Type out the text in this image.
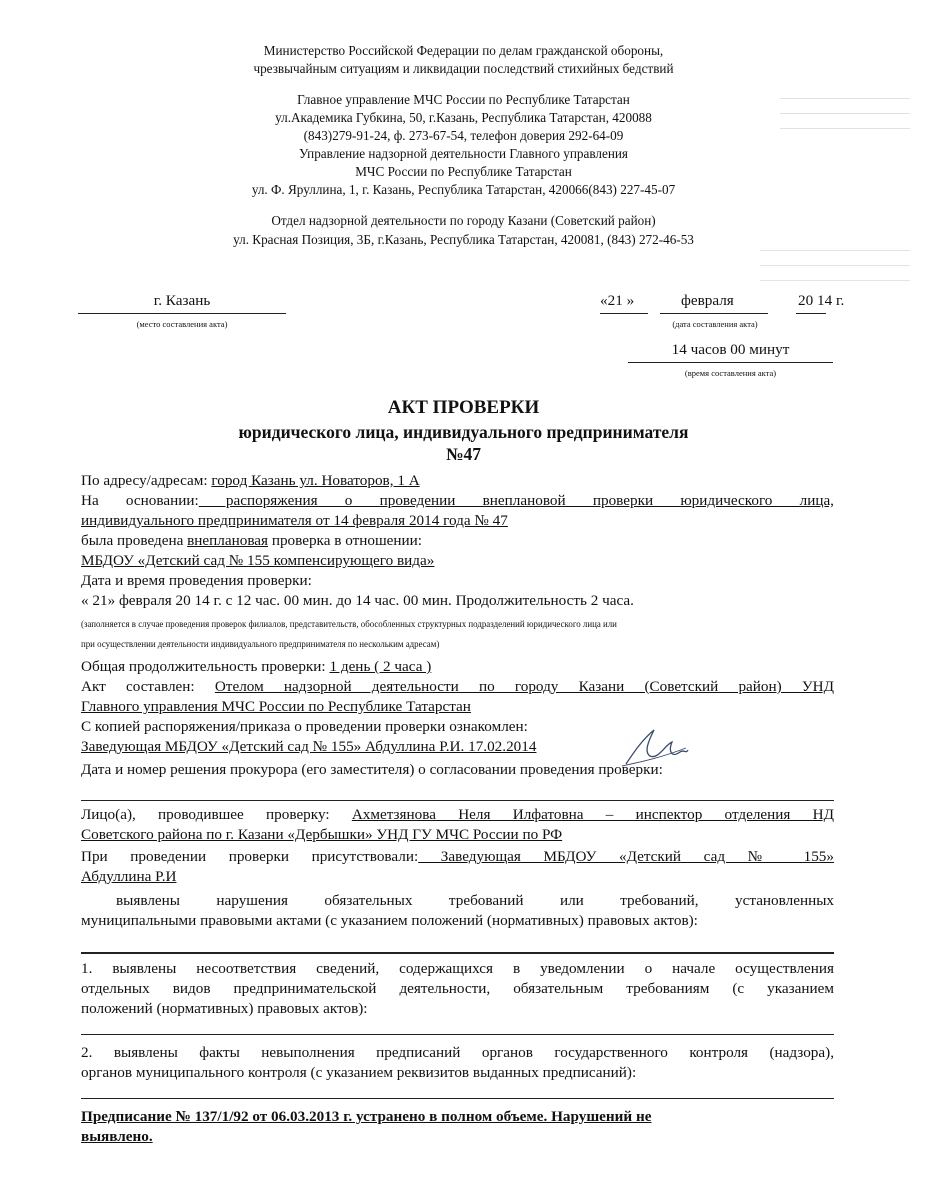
Министерство Российской Федерации по делам гражданской обороны,
чрезвычайным ситуациям и ликвидации последствий стихийных бедствий
Главное управление МЧС России по Республике Татарстан
ул.Академика Губкина, 50, г.Казань, Республика Татарстан, 420088
(843)279-91-24, ф. 273-67-54, телефон доверия 292-64-09
Управление надзорной деятельности Главного управления
МЧС России по Республике Татарстан
ул. Ф. Яруллина, 1, г. Казань, Республика Татарстан, 420066(843) 227-45-07
Отдел надзорной деятельности по городу Казани (Советский район)
ул. Красная Позиция, 3Б, г.Казань, Республика Татарстан, 420081, (843) 272-46-53
г. Казань
(место составления акта)
«21 »	февраля	20 14 г.
(дата составления акта)
14 часов 00 минут
(время составления акта)
АКТ ПРОВЕРКИ
юридического лица, индивидуального предпринимателя
№47
По адресу/адресам: город Казань ул. Новаторов, 1 А
На основании: распоряжения о проведении внеплановой проверки юридического лица,
индивидуального предпринимателя от 14 февраля 2014 года № 47
была проведена внеплановая проверка в отношении:
МБДОУ «Детский сад № 155 компенсирующего вида»
Дата и время проведения проверки:
« 21» февраля 20 14 г. с 12 час. 00 мин. до 14 час. 00 мин. Продолжительность 2 часа.
(заполняется в случае проведения проверок филиалов, представительств, обособленных структурных подразделений юридического лица или
при осуществлении деятельности индивидуального предпринимателя по нескольким адресам)
Общая продолжительность проверки: 1 день ( 2 часа )
Акт составлен: Отелом надзорной деятельности по городу Казани (Советский район) УНД
Главного управления МЧС России по Республике Татарстан
С копией распоряжения/приказа о проведении проверки ознакомлен:
Заведующая МБДОУ «Детский сад № 155» Абдуллина Р.И. 17.02.2014
Дата и номер решения прокурора (его заместителя) о согласовании проведения проверки:
Лицо(а), проводившее проверку: Ахметзянова Неля Илфатовна – инспектор отделения НД
Советского района по г. Казани «Дербышки» УНД ГУ МЧС России по РФ
При проведении проверки присутствовали: Заведующая МБДОУ «Детский сад № 155»
Абдуллина Р.И
выявлены нарушения обязательных требований или требований, установленных
муниципальными правовыми актами (с указанием положений (нормативных) правовых актов):
1. выявлены несоответствия сведений, содержащихся в уведомлении о начале осуществления
отдельных видов предпринимательской деятельности, обязательным требованиям (с указанием
положений (нормативных) правовых актов):
2. выявлены факты невыполнения предписаний органов государственного контроля (надзора),
органов муниципального контроля (с указанием реквизитов выданных предписаний):
Предписание № 137/1/92 от 06.03.2013 г. устранено в полном объеме. Нарушений не
выявлено.
